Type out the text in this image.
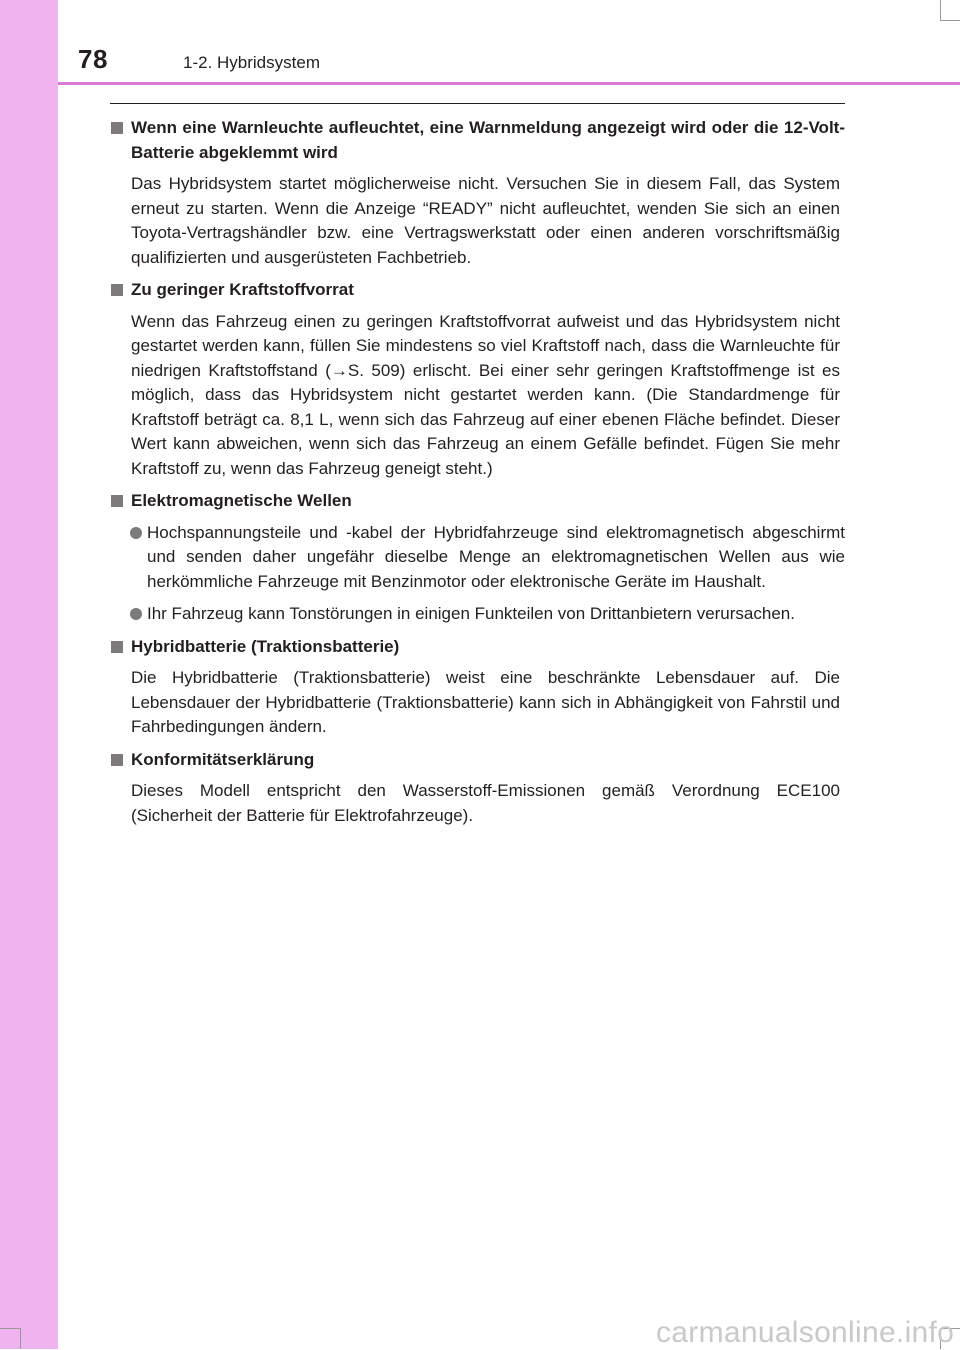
78	1-2. Hybridsystem
Wenn eine Warnleuchte aufleuchtet, eine Warnmeldung angezeigt wird oder die 12-Volt-Batterie abgeklemmt wird
Das Hybridsystem startet möglicherweise nicht. Versuchen Sie in diesem Fall, das System erneut zu starten. Wenn die Anzeige “READY” nicht aufleuchtet, wenden Sie sich an einen Toyota-Vertragshändler bzw. eine Vertragswerkstatt oder einen anderen vorschriftsmäßig qualifizierten und ausgerüsteten Fachbetrieb.
Zu geringer Kraftstoffvorrat
Wenn das Fahrzeug einen zu geringen Kraftstoffvorrat aufweist und das Hybridsystem nicht gestartet werden kann, füllen Sie mindestens so viel Kraftstoff nach, dass die Warnleuchte für niedrigen Kraftstoffstand (→S. 509) erlischt. Bei einer sehr geringen Kraftstoffmenge ist es möglich, dass das Hybridsystem nicht gestartet werden kann. (Die Standardmenge für Kraftstoff beträgt ca. 8,1 L, wenn sich das Fahrzeug auf einer ebenen Fläche befindet. Dieser Wert kann abweichen, wenn sich das Fahrzeug an einem Gefälle befindet. Fügen Sie mehr Kraftstoff zu, wenn das Fahrzeug geneigt steht.)
Elektromagnetische Wellen
Hochspannungsteile und -kabel der Hybridfahrzeuge sind elektromagnetisch abgeschirmt und senden daher ungefähr dieselbe Menge an elektromagnetischen Wellen aus wie herkömmliche Fahrzeuge mit Benzinmotor oder elektronische Geräte im Haushalt.
Ihr Fahrzeug kann Tonstörungen in einigen Funkteilen von Drittanbietern verursachen.
Hybridbatterie (Traktionsbatterie)
Die Hybridbatterie (Traktionsbatterie) weist eine beschränkte Lebensdauer auf. Die Lebensdauer der Hybridbatterie (Traktionsbatterie) kann sich in Abhängigkeit von Fahrstil und Fahrbedingungen ändern.
Konformitätserklärung
Dieses Modell entspricht den Wasserstoff-Emissionen gemäß Verordnung ECE100 (Sicherheit der Batterie für Elektrofahrzeuge).
carmanualsonline.info
